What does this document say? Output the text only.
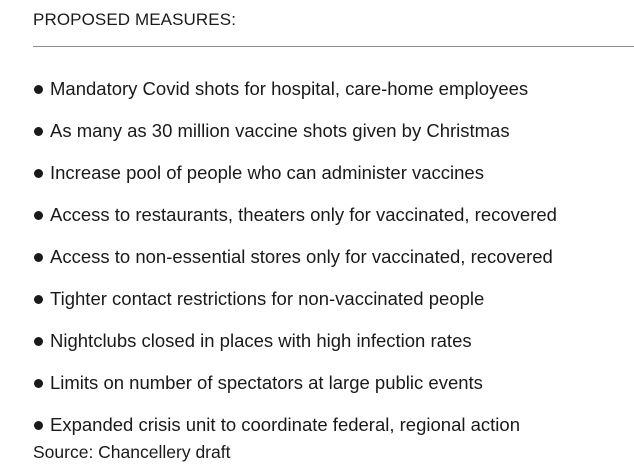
PROPOSED MEASURES:
Mandatory Covid shots for hospital, care-home employees
As many as 30 million vaccine shots given by Christmas
Increase pool of people who can administer vaccines
Access to restaurants, theaters only for vaccinated, recovered
Access to non-essential stores only for vaccinated, recovered
Tighter contact restrictions for non-vaccinated people
Nightclubs closed in places with high infection rates
Limits on number of spectators at large public events
Expanded crisis unit to coordinate federal, regional action
Source: Chancellery draft
